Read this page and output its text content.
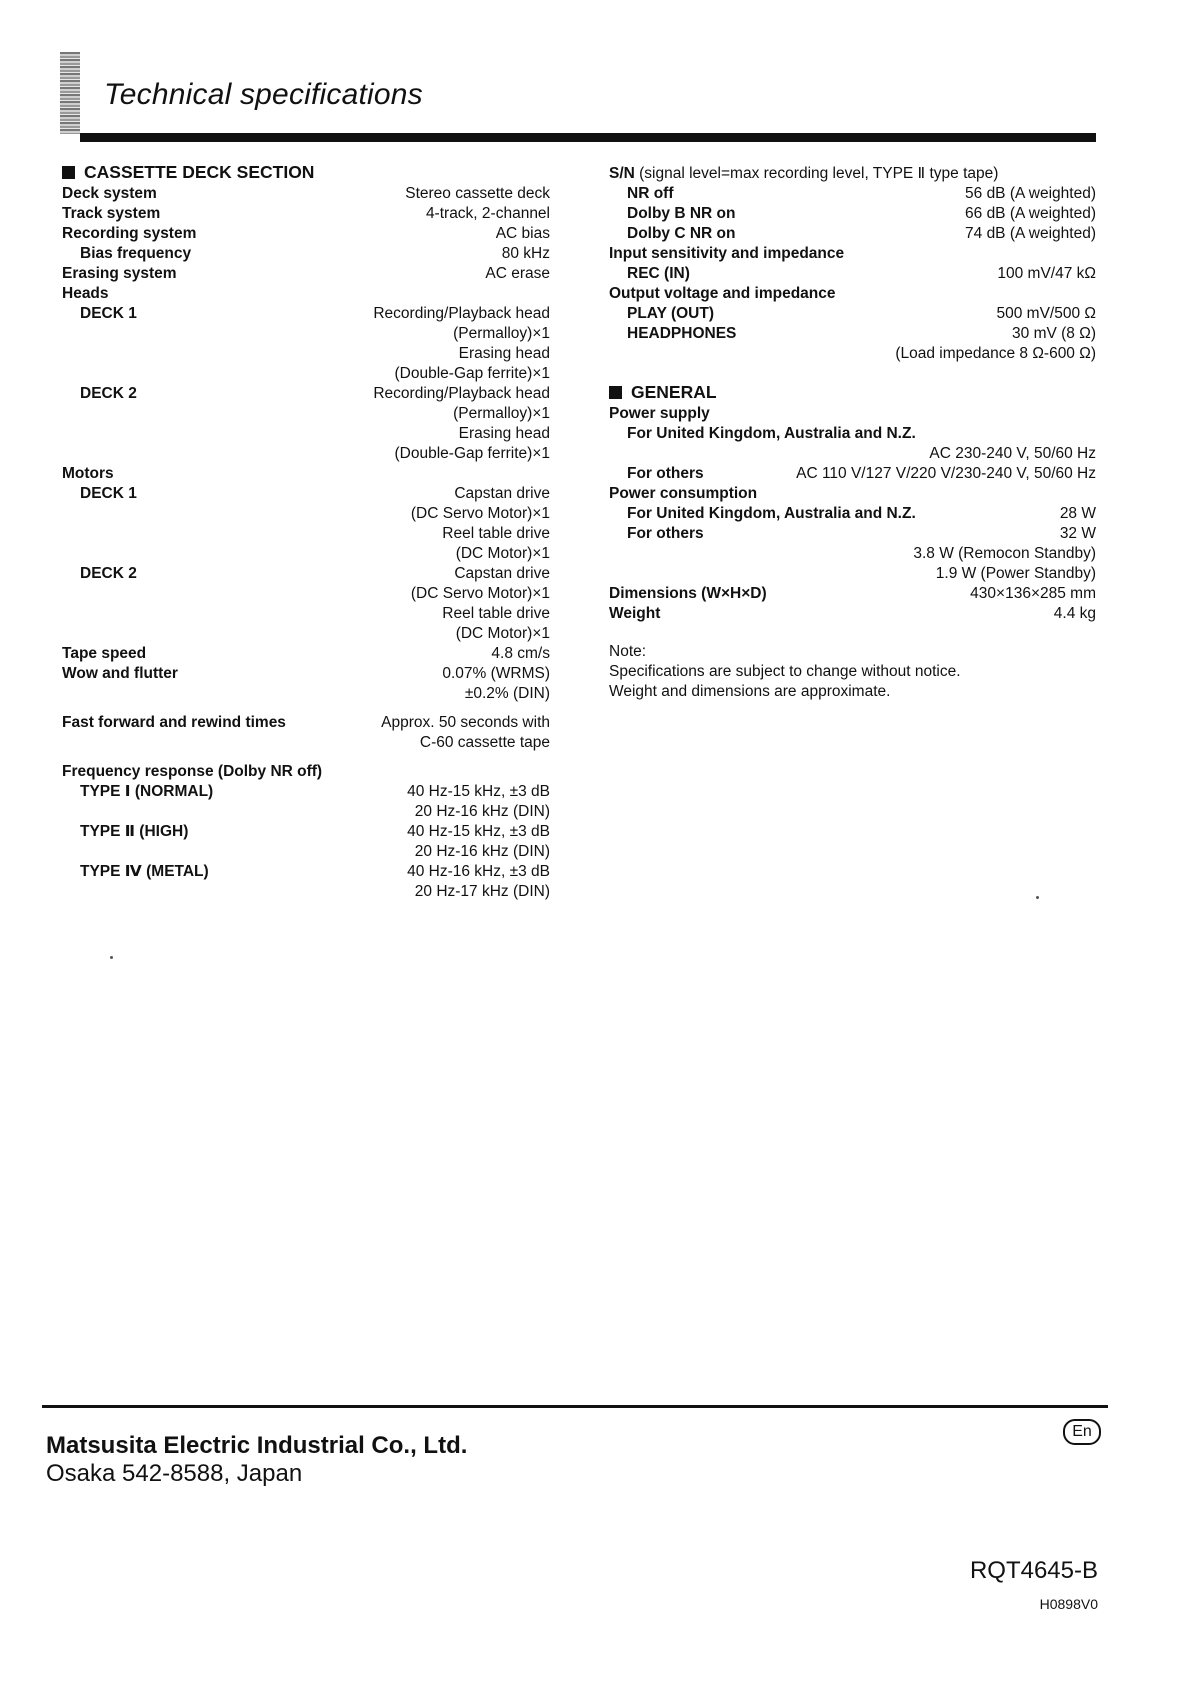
Technical specifications
CASSETTE DECK SECTION
Deck system	Stereo cassette deck
Track system	4-track, 2-channel
Recording system	AC bias
Bias frequency	80 kHz
Erasing system	AC erase
Heads
DECK 1	Recording/Playback head
(Permalloy)×1
Erasing head
(Double-Gap ferrite)×1
DECK 2	Recording/Playback head
(Permalloy)×1
Erasing head
(Double-Gap ferrite)×1
Motors
DECK 1	Capstan drive
(DC Servo Motor)×1
Reel table drive
(DC Motor)×1
DECK 2	Capstan drive
(DC Servo Motor)×1
Reel table drive
(DC Motor)×1
Tape speed	4.8 cm/s
Wow and flutter	0.07% (WRMS)
±0.2% (DIN)
Fast forward and rewind times	Approx. 50 seconds with
C-60 cassette tape
Frequency response (Dolby NR off)
TYPE Ⅰ (NORMAL)	40 Hz-15 kHz, ±3 dB
20 Hz-16 kHz (DIN)
TYPE Ⅱ (HIGH)	40 Hz-15 kHz, ±3 dB
20 Hz-16 kHz (DIN)
TYPE Ⅳ (METAL)	40 Hz-16 kHz, ±3 dB
20 Hz-17 kHz (DIN)
S/N (signal level=max recording level, TYPE Ⅱ type tape)
NR off	56 dB (A weighted)
Dolby B NR on	66 dB (A weighted)
Dolby C NR on	74 dB (A weighted)
Input sensitivity and impedance
REC (IN)	100 mV/47 kΩ
Output voltage and impedance
PLAY (OUT)	500 mV/500 Ω
HEADPHONES	30 mV (8 Ω)
(Load impedance 8 Ω-600 Ω)
GENERAL
Power supply
For United Kingdom, Australia and N.Z.
AC 230-240 V, 50/60 Hz
For others	AC 110 V/127 V/220 V/230-240 V, 50/60 Hz
Power consumption
For United Kingdom, Australia and N.Z.	28 W
For others	32 W
3.8 W (Remocon Standby)
1.9 W (Power Standby)
Dimensions (W×H×D)	430×136×285 mm
Weight	4.4 kg
Note:
Specifications are subject to change without notice.
Weight and dimensions are approximate.
Matsusita Electric Industrial Co., Ltd.
Osaka 542-8588, Japan
En
RQT4645-B
H0898V0
